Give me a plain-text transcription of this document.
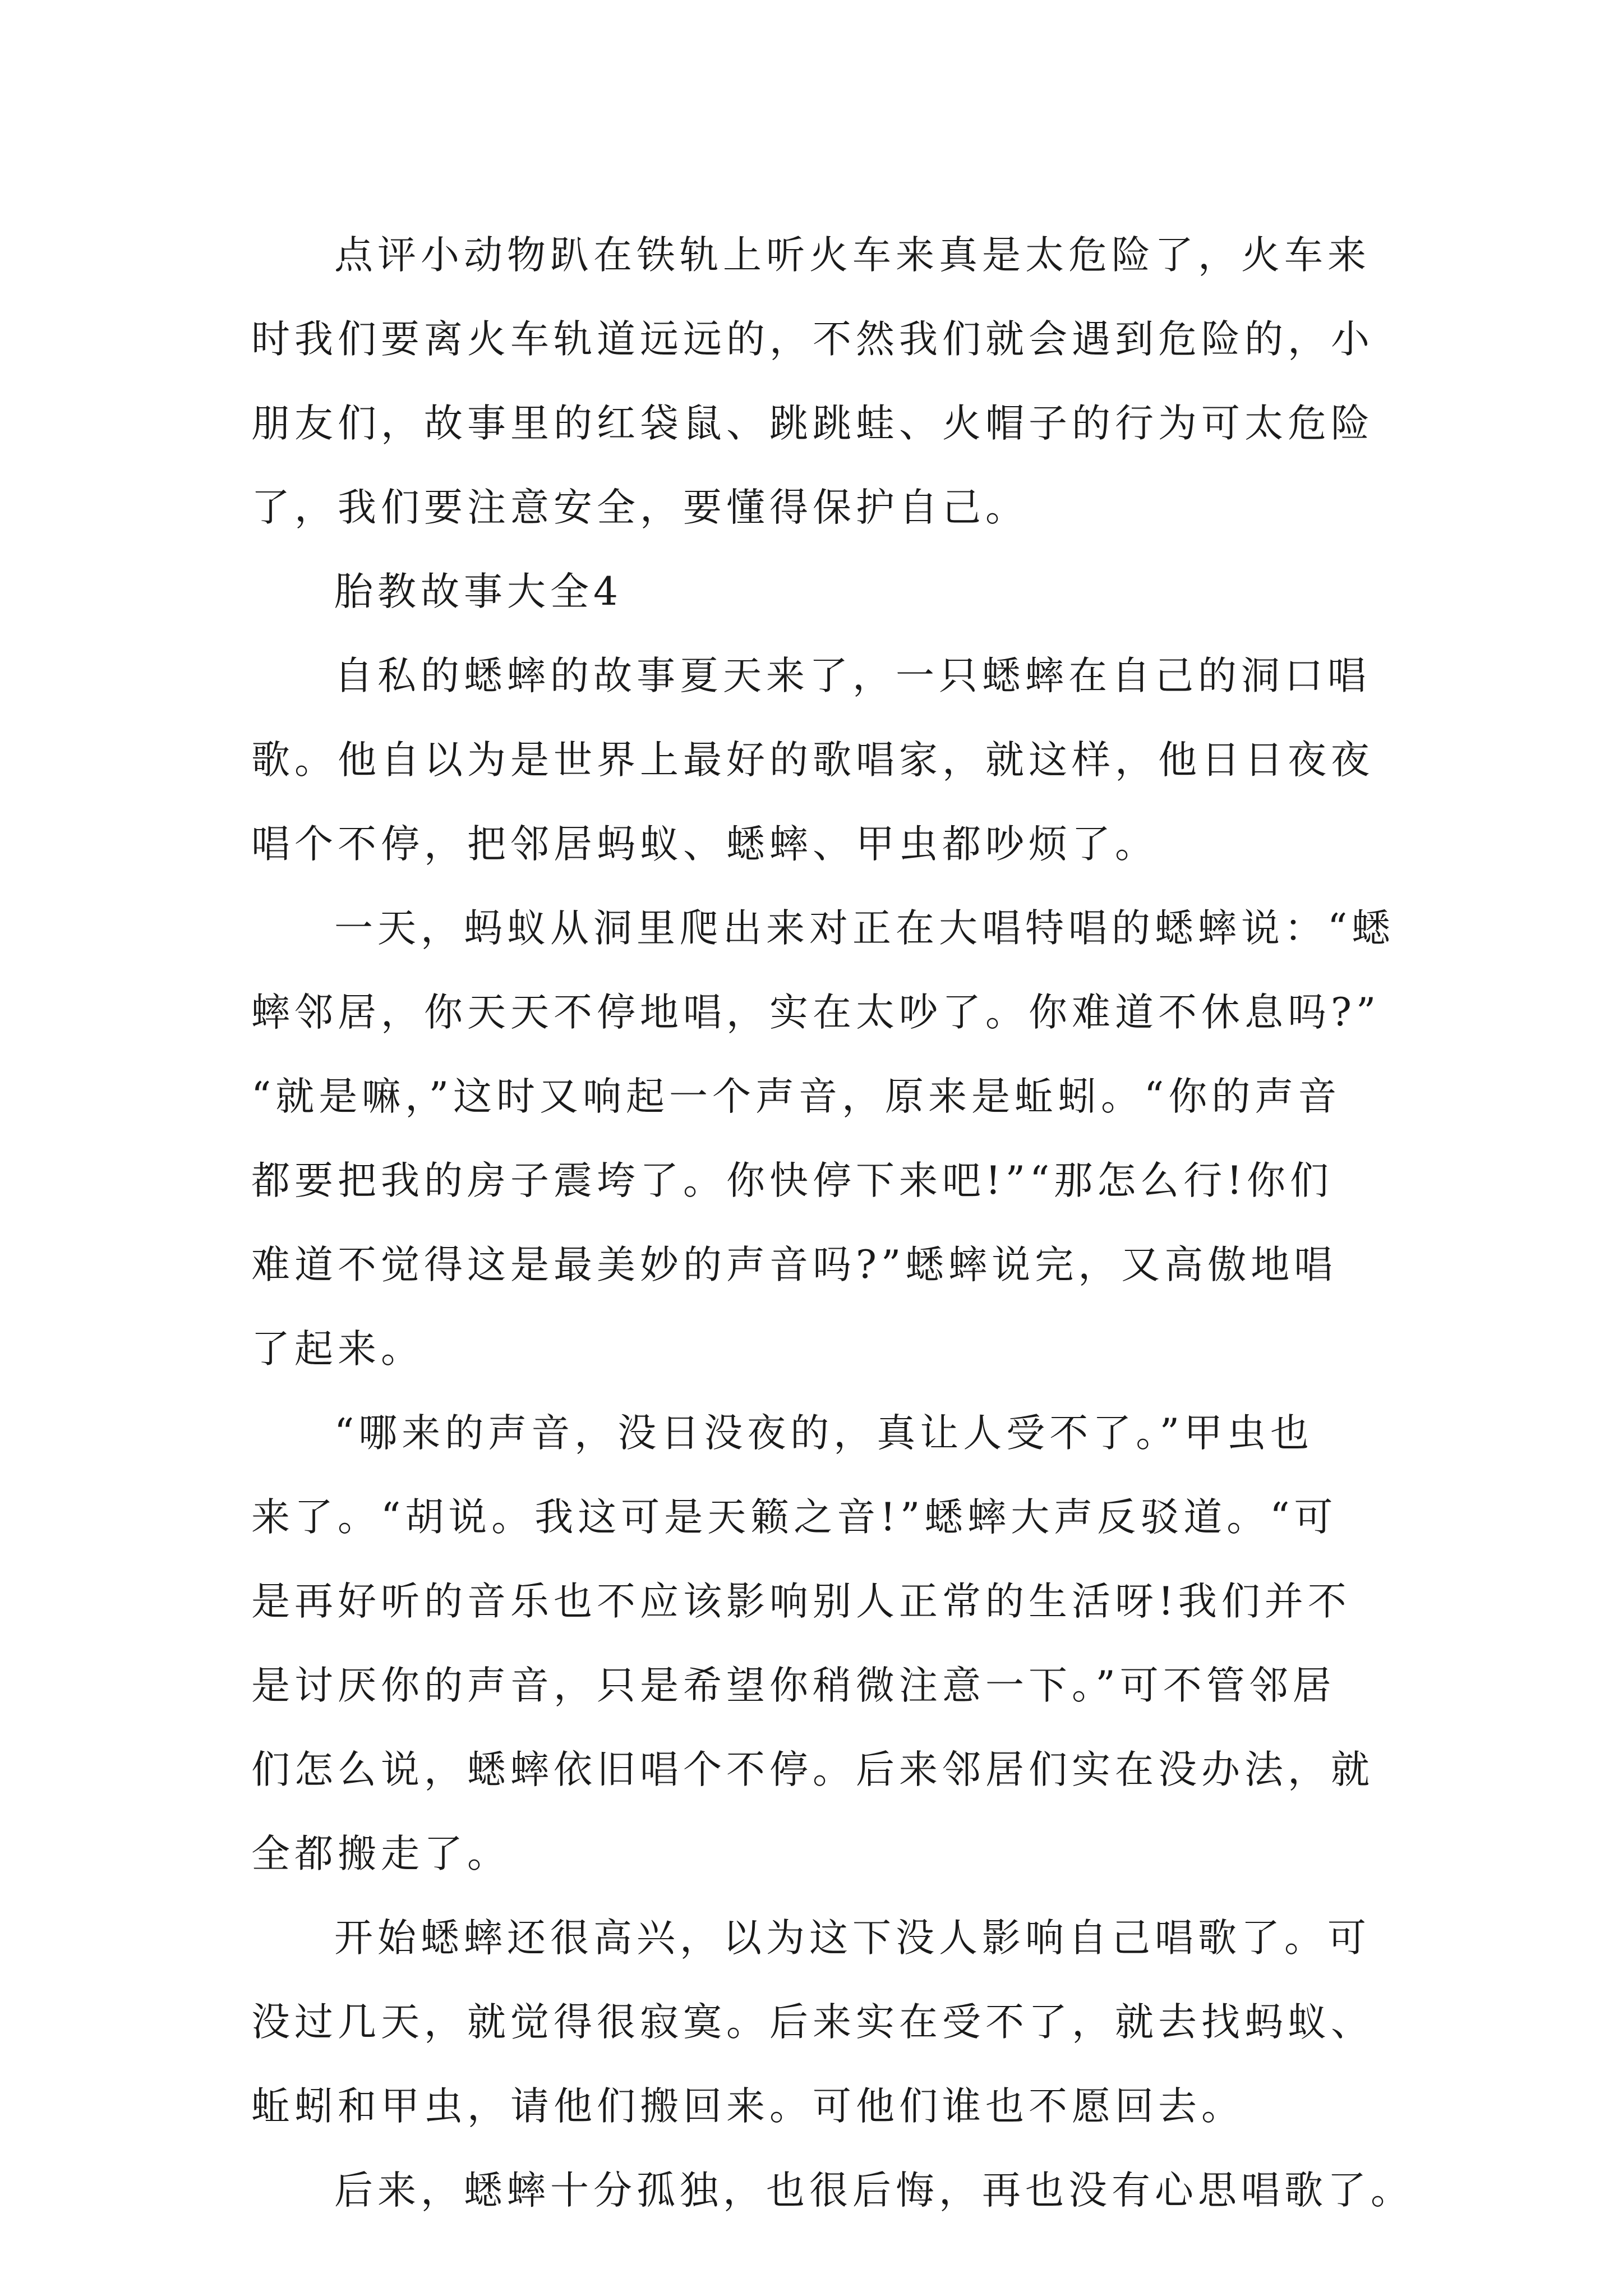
点评小动物趴在铁轨上听火车来真是太危险了，火车来
时我们要离火车轨道远远的，不然我们就会遇到危险的，小
朋友们，故事里的红袋鼠、跳跳蛙、火帽子的行为可太危险
了，我们要注意安全，要懂得保护自己。
胎教故事大全4
自私的蟋蟀的故事夏天来了，一只蟋蟀在自己的洞口唱
歌。他自以为是世界上最好的歌唱家，就这样，他日日夜夜
唱个不停，把邻居蚂蚁、蟋蟀、甲虫都吵烦了。
一天，蚂蚁从洞里爬出来对正在大唱特唱的蟋蟀说：“蟋
蟀邻居，你天天不停地唱，实在太吵了。你难道不休息吗?”
“就是嘛，”这时又响起一个声音，原来是蚯蚓。“你的声音
都要把我的房子震垮了。你快停下来吧!”“那怎么行!你们
难道不觉得这是最美妙的声音吗?”蟋蟀说完，又高傲地唱
了起来。
“哪来的声音，没日没夜的，真让人受不了。”甲虫也
来了。“胡说。我这可是天籁之音!”蟋蟀大声反驳道。“可
是再好听的音乐也不应该影响别人正常的生活呀!我们并不
是讨厌你的声音，只是希望你稍微注意一下。”可不管邻居
们怎么说，蟋蟀依旧唱个不停。后来邻居们实在没办法，就
全都搬走了。
开始蟋蟀还很高兴，以为这下没人影响自己唱歌了。可
没过几天，就觉得很寂寞。后来实在受不了，就去找蚂蚁、
蚯蚓和甲虫，请他们搬回来。可他们谁也不愿回去。
后来，蟋蟀十分孤独，也很后悔，再也没有心思唱歌了。
